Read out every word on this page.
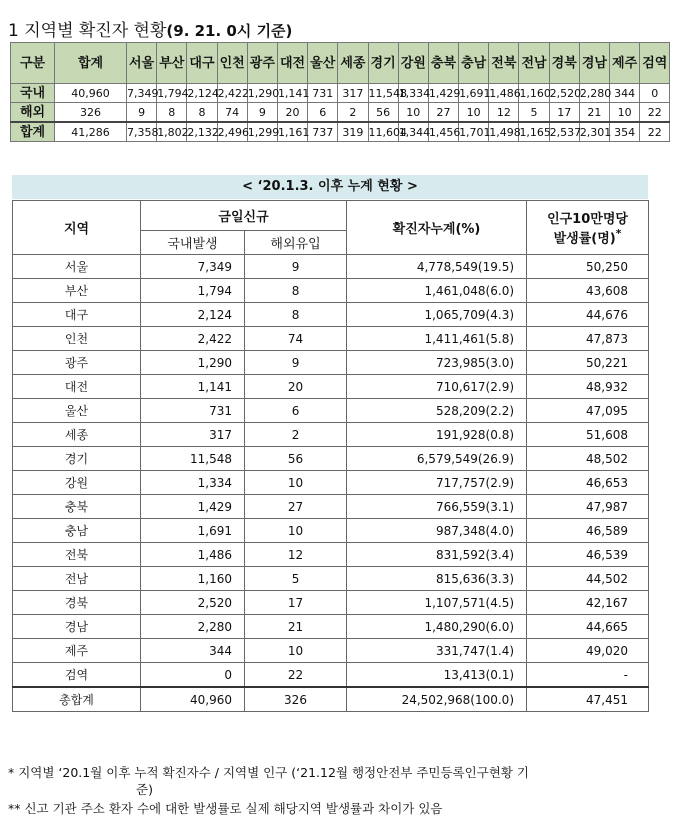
1 지역별 확진자 현황(9. 21. 0시 기준)
구분	합계	서울	부산	대구	인천	광주	대전	울산	세종	경기	강원	충북	충남	전북	전남	경북	경남	제주	검역
국내	40,960	7,349	1,794	2,124	2,422	1,290	1,141	731	317	11,548	1,334	1,429	1,691	1,486	1,160	2,520	2,280	344	0
해외	326	9	8	8	74	9	20	6	2	56	10	27	10	12	5	17	21	10	22
합계	41,286	7,358	1,802	2,132	2,496	1,299	1,161	737	319	11,604	1,344	1,456	1,701	1,498	1,165	2,537	2,301	354	22
< ‘20.1.3. 이후 누계 현황 >
지역	금일신규		확진자누계(%)	인구10만명당
발생률(명)*
	국내발생	해외유입		
서울	7,349	9	4,778,549(19.5)	50,250
부산	1,794	8	1,461,048(6.0)	43,608
대구	2,124	8	1,065,709(4.3)	44,676
인천	2,422	74	1,411,461(5.8)	47,873
광주	1,290	9	723,985(3.0)	50,221
대전	1,141	20	710,617(2.9)	48,932
울산	731	6	528,209(2.2)	47,095
세종	317	2	191,928(0.8)	51,608
경기	11,548	56	6,579,549(26.9)	48,502
강원	1,334	10	717,757(2.9)	46,653
충북	1,429	27	766,559(3.1)	47,987
충남	1,691	10	987,348(4.0)	46,589
전북	1,486	12	831,592(3.4)	46,539
전남	1,160	5	815,636(3.3)	44,502
경북	2,520	17	1,107,571(4.5)	42,167
경남	2,280	21	1,480,290(6.0)	44,665
제주	344	10	331,747(1.4)	49,020
검역	0	22	13,413(0.1)	-
총합계	40,960	326	24,502,968(100.0)	47,451

* 지역별 ‘20.1월 이후 누적 확진자수 / 지역별 인구 (‘21.12월 행정안전부 주민등록인구현황 기
준)

** 신고 기관 주소 환자 수에 대한 발생률로 실제 해당지역 발생률과 차이가 있음
